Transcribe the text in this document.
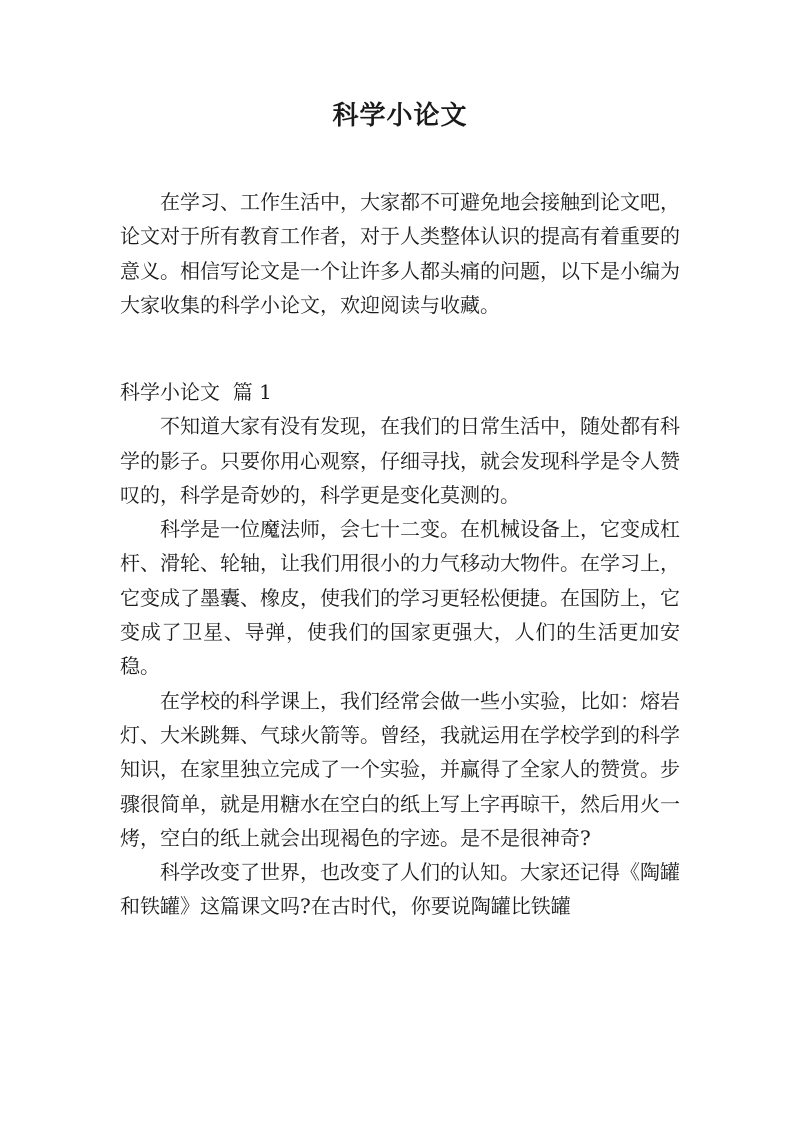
科学小论文

在学习、工作生活中，大家都不可避免地会接触到论文吧，论文对于所有教育工作者，对于人类整体认识的提高有着重要的意义。相信写论文是一个让许多人都头痛的问题，以下是小编为大家收集的科学小论文，欢迎阅读与收藏。

科学小论文  篇 1

不知道大家有没有发现，在我们的日常生活中，随处都有科学的影子。只要你用心观察，仔细寻找，就会发现科学是令人赞叹的，科学是奇妙的，科学更是变化莫测的。

科学是一位魔法师，会七十二变。在机械设备上，它变成杠杆、滑轮、轮轴，让我们用很小的力气移动大物件。在学习上，它变成了墨囊、橡皮，使我们的学习更轻松便捷。在国防上，它变成了卫星、导弹，使我们的国家更强大，人们的生活更加安稳。

在学校的科学课上，我们经常会做一些小实验，比如：熔岩灯、大米跳舞、气球火箭等。曾经，我就运用在学校学到的科学知识，在家里独立完成了一个实验，并赢得了全家人的赞赏。步骤很简单，就是用糖水在空白的纸上写上字再晾干，然后用火一烤，空白的纸上就会出现褐色的字迹。是不是很神奇?

科学改变了世界，也改变了人们的认知。大家还记得《陶罐和铁罐》这篇课文吗?在古时代，你要说陶罐比铁罐
